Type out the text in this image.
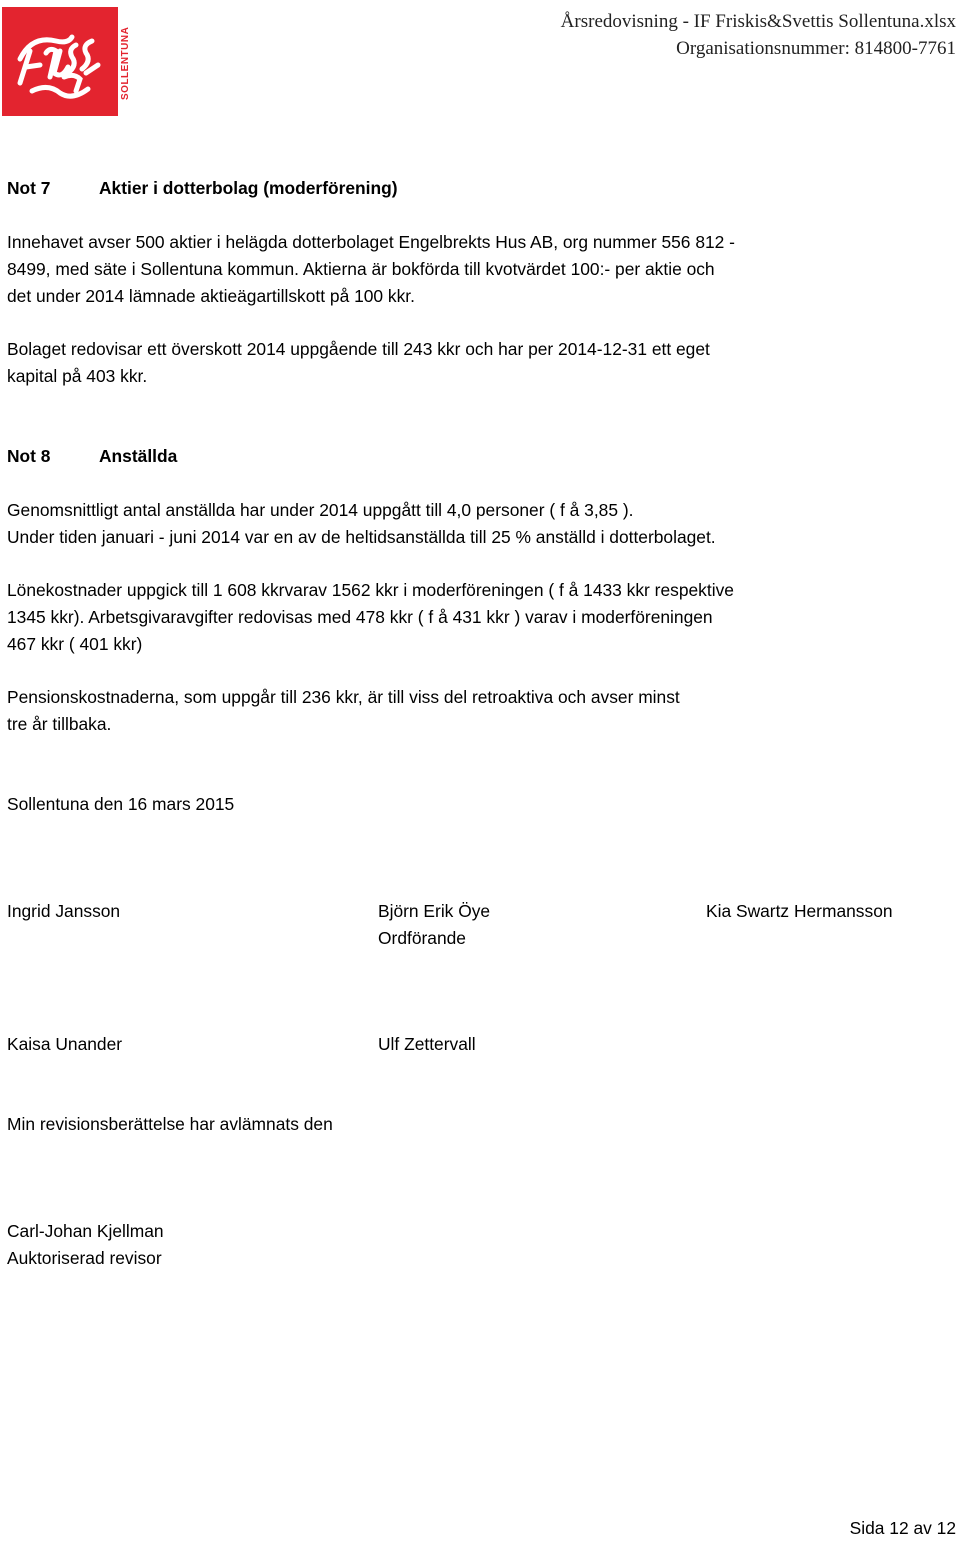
SOLLENTUNA
Årsredovisning - IF Friskis&Svettis Sollentuna.xlsx
Organisationsnummer: 814800-7761
Not 7	Aktier i dotterbolag (moderförening)
Innehavet avser 500 aktier i helägda dotterbolaget Engelbrekts Hus AB, org nummer 556 812 -
8499, med säte i Sollentuna kommun. Aktierna är bokförda till kvotvärdet 100:- per aktie och
det under 2014 lämnade aktieägartillskott på 100 kkr.
Bolaget redovisar ett överskott 2014 uppgående till 243 kkr och har per 2014-12-31 ett eget
kapital på 403 kkr.
Not 8	Anställda
Genomsnittligt antal anställda har under 2014 uppgått till 4,0 personer ( f å 3,85 ).
Under tiden januari - juni 2014 var en av de heltidsanställda till 25 % anställd i dotterbolaget.
Lönekostnader uppgick till 1 608 kkrvarav 1562 kkr i moderföreningen ( f å 1433 kkr respektive
1345 kkr). Arbetsgivaravgifter redovisas med 478 kkr ( f å 431 kkr ) varav i moderföreningen
467 kkr ( 401 kkr)
Pensionskostnaderna, som uppgår till 236 kkr, är till viss del retroaktiva och avser minst
tre år tillbaka.
Sollentuna den 16 mars 2015
Ingrid Jansson	Björn Erik Öye
Ordförande
Kia Swartz Hermansson
Kaisa Unander	Ulf Zettervall
Min revisionsberättelse har avlämnats den
Carl-Johan Kjellman
Auktoriserad revisor
Sida 12 av 12
